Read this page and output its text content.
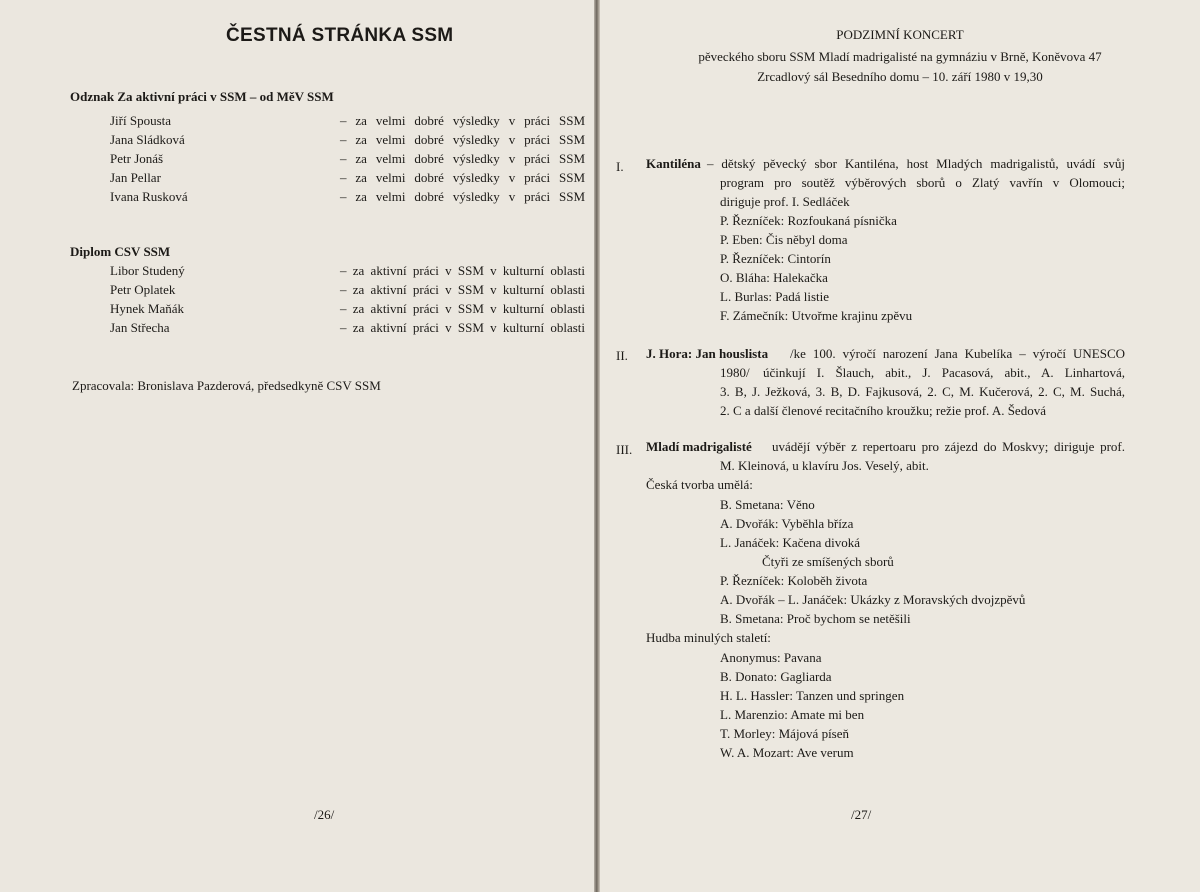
ČESTNÁ STRÁNKA SSM
Odznak Za aktivní práci v SSM – od MěV SSM
Jiří Spousta	– za velmi dobré výsledky v práci SSM
Jana Sládková	– za velmi dobré výsledky v práci SSM
Petr Jonáš	– za velmi dobré výsledky v práci SSM
Jan Pellar	– za velmi dobré výsledky v práci SSM
Ivana Rusková	– za velmi dobré výsledky v práci SSM
Diplom CSV SSM
Libor Studený	– za aktivní práci v SSM v kulturní oblasti
Petr Oplatek	– za aktivní práci v SSM v kulturní oblasti
Hynek Maňák	– za aktivní práci v SSM v kulturní oblasti
Jan Střecha	– za aktivní práci v SSM v kulturní oblasti
Zpracovala: Bronislava Pazderová, předsedkyně CSV SSM
/26/
PODZIMNÍ KONCERT
pěveckého sboru SSM Mladí madrigalisté na gymnáziu v Brně, Koněvova 47
Zrcadlový sál Besedního domu – 10. září 1980 v 19,30
I. Kantiléna – dětský pěvecký sbor Kantiléna, host Mladých madrigalistů, uvádí svůj
program pro soutěž výběrových sborů o Zlatý vavřín v Olomouci;
diriguje prof. I. Sedláček
P. Řezníček: Rozfoukaná písnička
P. Eben: Čis něbyl doma
P. Řezníček: Cintorín
O. Bláha: Halekačka
L. Burlas: Padá listie
F. Zámečník: Utvořme krajinu zpěvu
II. J. Hora: Jan houslista /ke 100. výročí narození Jana Kubelíka – výročí UNESCO
1980/ účinkují I. Šlauch, abit., J. Pacasová, abit., A. Linhartová,
3. B, J. Ježková, 3. B, D. Fajkusová, 2. C, M. Kučerová, 2. C, M. Suchá,
2. C a další členové recitačního kroužku; režie prof. A. Šedová
III. Mladí madrigalisté uvádějí výběr z repertoaru pro zájezd do Moskvy; diriguje prof.
M. Kleinová, u klavíru Jos. Veselý, abit.
Česká tvorba umělá:
B. Smetana: Věno
A. Dvořák: Vyběhla bříza
L. Janáček: Kačena divoká
Čtyři ze smíšených sborů
P. Řezníček: Koloběh života
A. Dvořák – L. Janáček: Ukázky z Moravských dvojzpěvů
B. Smetana: Proč bychom se netěšili
Hudba minulých staletí:
Anonymus: Pavana
B. Donato: Gagliarda
H. L. Hassler: Tanzen und springen
L. Marenzio: Amate mi ben
T. Morley: Májová píseň
W. A. Mozart: Ave verum
/27/
